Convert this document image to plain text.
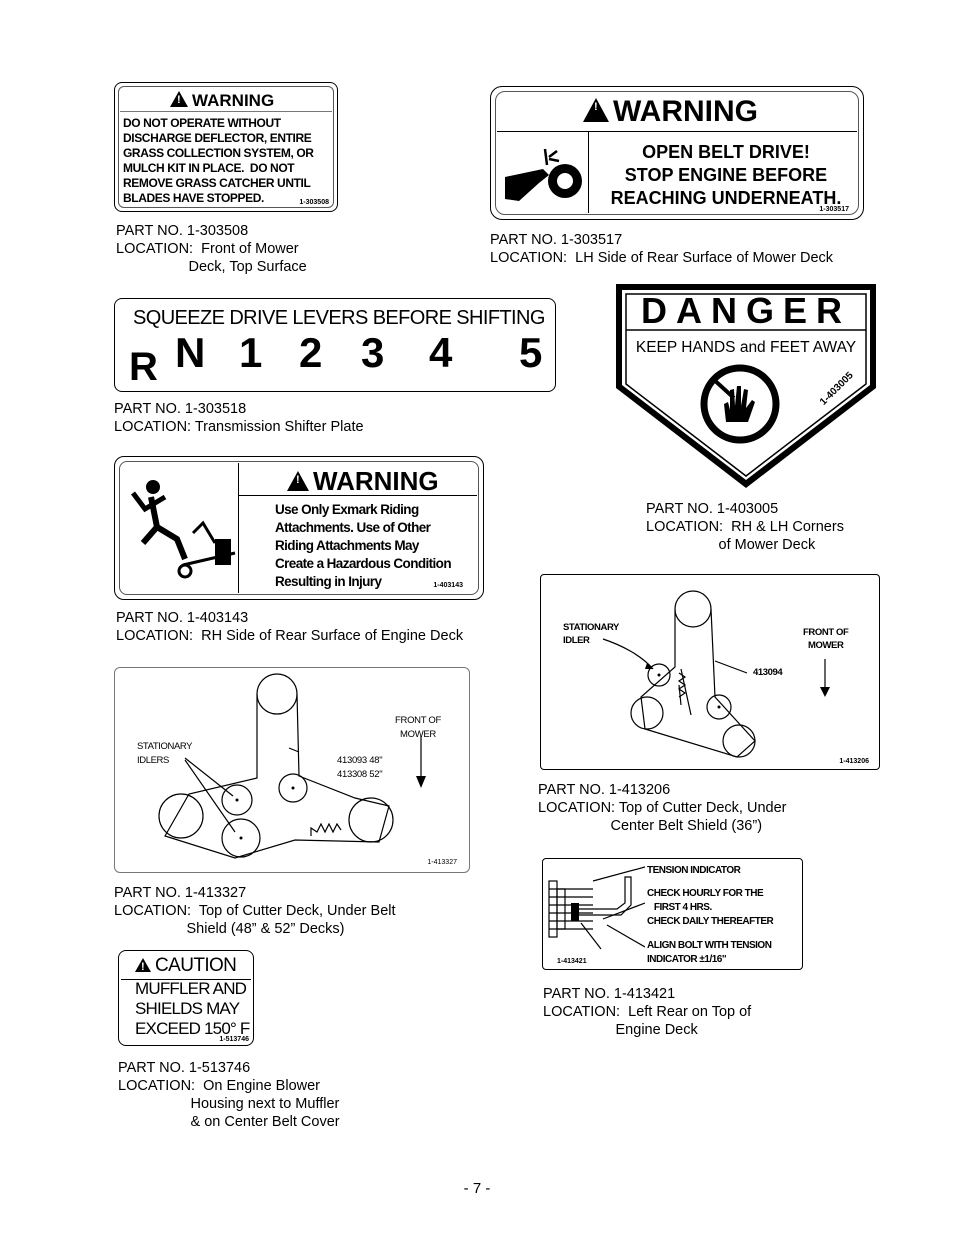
!WARNING
DO NOT OPERATE WITHOUT
DISCHARGE DEFLECTOR, ENTIRE
GRASS COLLECTION SYSTEM, OR
MULCH KIT IN PLACE.  DO NOT
REMOVE GRASS CATCHER UNTIL
BLADES HAVE STOPPED.	1-303508
PART NO. 1-303508
LOCATION:  Front of Mower
Deck, Top Surface
!WARNING
OPEN BELT DRIVE!
STOP ENGINE BEFORE
REACHING UNDERNEATH.
1-303517
PART NO. 1-303517
LOCATION:  LH Side of Rear Surface of Mower Deck
SQUEEZE DRIVE LEVERS BEFORE SHIFTING
R N 1 2 3 4 5
PART NO. 1-303518
LOCATION: Transmission Shifter Plate
DANGER
KEEP HANDS and FEET AWAY
1-403005
PART NO. 1-403005
LOCATION:  RH & LH Corners
of Mower Deck
!WARNING
Use Only Exmark Riding
Attachments. Use of Other
Riding Attachments May
Create a Hazardous Condition
Resulting in Injury	1-403143
PART NO. 1-403143
LOCATION:  RH Side of Rear Surface of Engine Deck
STATIONARY
IDLER
413094
FRONT OF
MOWER
1-413206
PART NO. 1-413206
LOCATION: Top of Cutter Deck, Under
Center Belt Shield (36”)
STATIONARY
IDLERS	413093 48"
413308 52"
FRONT OF
MOWER
1-413327
PART NO. 1-413327
LOCATION:  Top of Cutter Deck, Under Belt
Shield (48” & 52” Decks)
TENSION INDICATOR
CHECK HOURLY FOR THE
FIRST 4 HRS.
CHECK DAILY THEREAFTER
ALIGN BOLT WITH TENSION
INDICATOR ±1/16"
1-413421
PART NO. 1-413421
LOCATION:  Left Rear on Top of
Engine Deck
!CAUTION
MUFFLER AND
SHIELDS MAY
EXCEED 150° F
1-513746
PART NO. 1-513746
LOCATION:  On Engine Blower
Housing next to Muffler
& on Center Belt Cover
- 7 -
